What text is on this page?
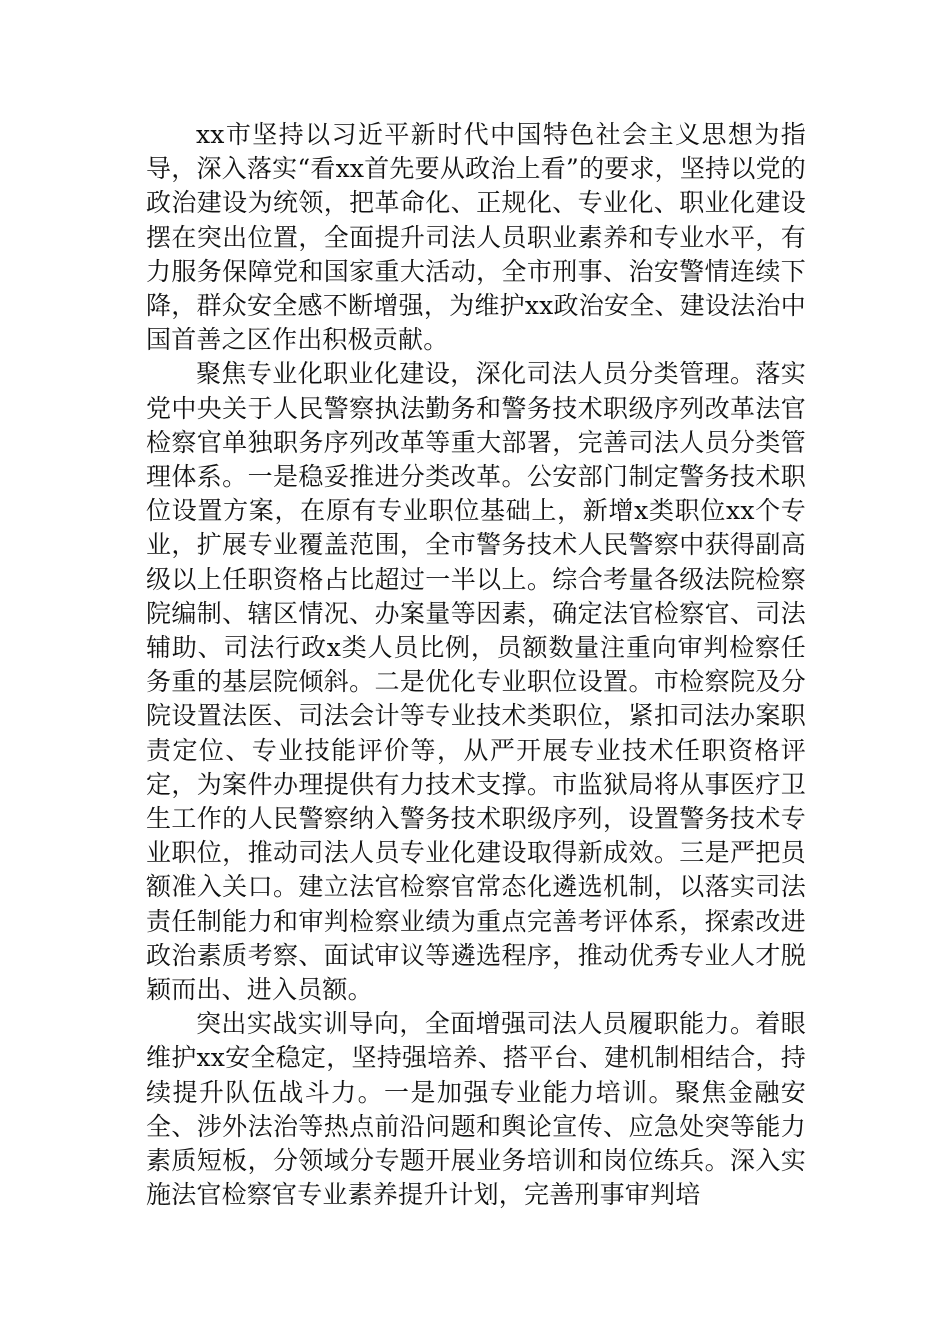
xx市坚持以习近平新时代中国特色社会主义思想为指导，深入落实“看xx首先要从政治上看”的要求，坚持以党的政治建设为统领，把革命化、正规化、专业化、职业化建设摆在突出位置，全面提升司法人员职业素养和专业水平，有力服务保障党和国家重大活动，全市刑事、治安警情连续下降，群众安全感不断增强，为维护xx政治安全、建设法治中国首善之区作出积极贡献。

聚焦专业化职业化建设，深化司法人员分类管理。落实党中央关于人民警察执法勤务和警务技术职级序列改革法官检察官单独职务序列改革等重大部署，完善司法人员分类管理体系。一是稳妥推进分类改革。公安部门制定警务技术职位设置方案，在原有专业职位基础上，新增x类职位xx个专业，扩展专业覆盖范围，全市警务技术人民警察中获得副高级以上任职资格占比超过一半以上。综合考量各级法院检察院编制、辖区情况、办案量等因素，确定法官检察官、司法辅助、司法行政x类人员比例，员额数量注重向审判检察任务重的基层院倾斜。二是优化专业职位设置。市检察院及分院设置法医、司法会计等专业技术类职位，紧扣司法办案职责定位、专业技能评价等，从严开展专业技术任职资格评定，为案件办理提供有力技术支撑。市监狱局将从事医疗卫生工作的人民警察纳入警务技术职级序列，设置警务技术专业职位，推动司法人员专业化建设取得新成效。三是严把员额准入关口。建立法官检察官常态化遴选机制，以落实司法责任制能力和审判检察业绩为重点完善考评体系，探索改进政治素质考察、面试审议等遴选程序，推动优秀专业人才脱颖而出、进入员额。

突出实战实训导向，全面增强司法人员履职能力。着眼维护xx安全稳定，坚持强培养、搭平台、建机制相结合，持续提升队伍战斗力。一是加强专业能力培训。聚焦金融安全、涉外法治等热点前沿问题和舆论宣传、应急处突等能力素质短板，分领域分专题开展业务培训和岗位练兵。深入实施法官检察官专业素养提升计划，完善刑事审判培
